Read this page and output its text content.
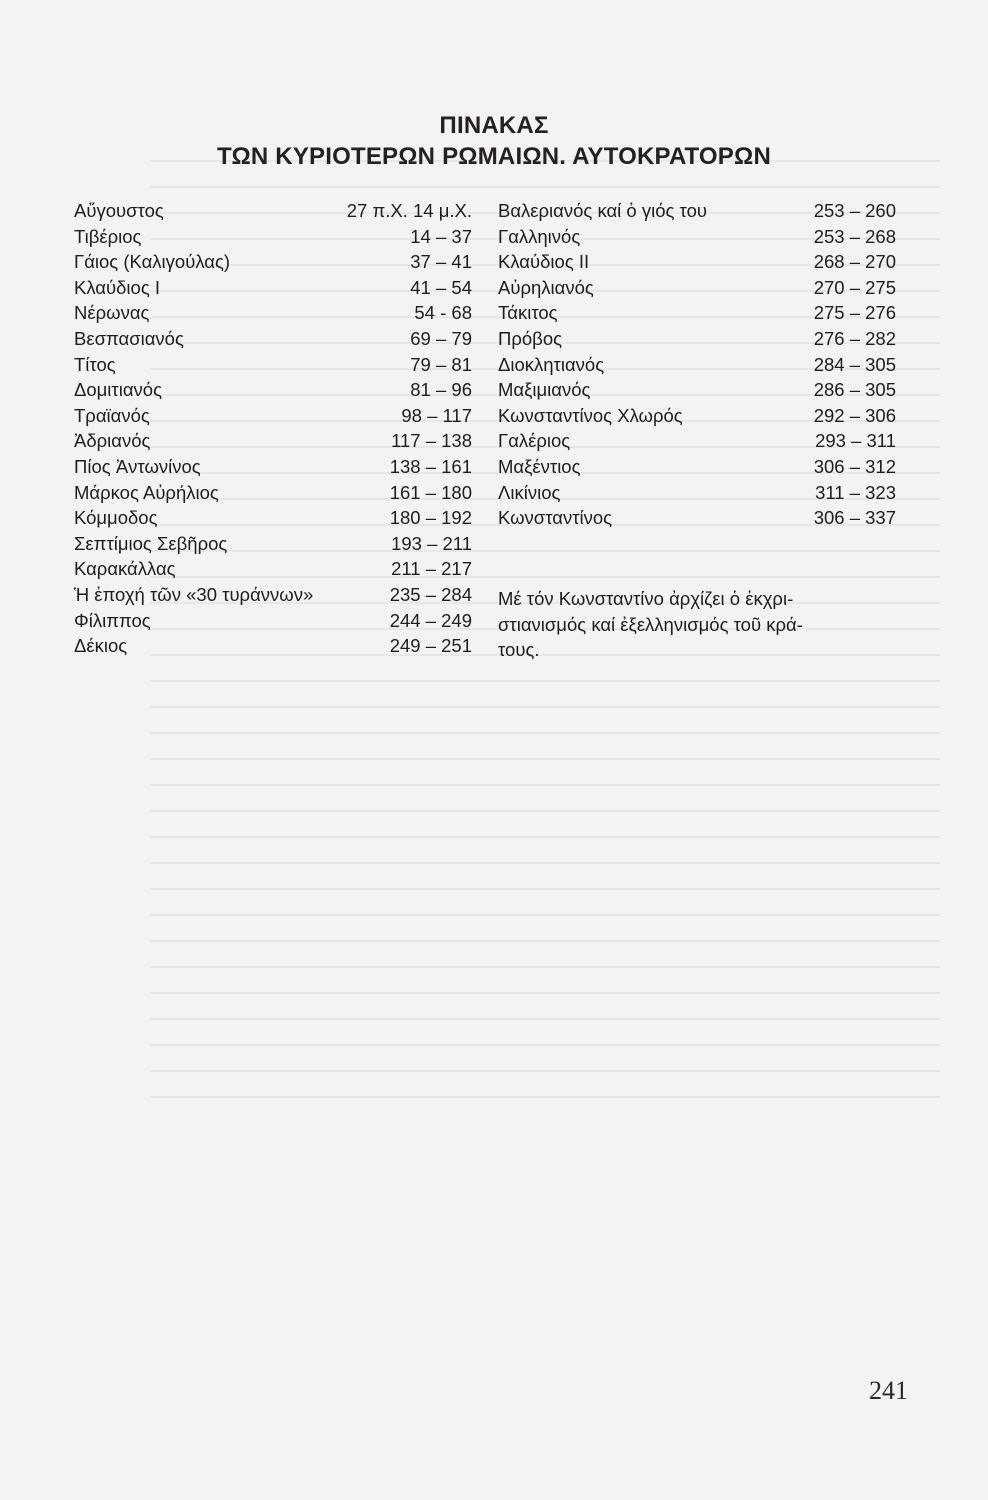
ΠΙΝΑΚΑΣ
ΤΩΝ ΚΥΡΙΟΤΕΡΩΝ ΡΩΜΑΙΩΝ. ΑΥΤΟΚΡΑΤΟΡΩΝ
Αὔγουστος	27 π.Χ. 14 μ.Χ.
Τιβέριος	14 – 37
Γάιος (Καλιγούλας)	37 – 41
Κλαύδιος Ι	41 – 54
Νέρωνας	54 - 68
Βεσπασιανός	69 – 79
Τίτος	79 – 81
Δομιτιανός	81 – 96
Τραϊανός	98 – 117
Ἀδριανός	117 – 138
Πίος Ἀντωνίνος	138 – 161
Μάρκος Αὐρήλιος	161 – 180
Κόμμοδος	180 – 192
Σεπτίμιος Σεβῆρος	193 – 211
Καρακάλλας	211 – 217
Ἡ ἐποχή τῶν «30 τυράννων»	235 – 284
Φίλιππος	244 – 249
Δέκιος	249 – 251
Βαλεριανός καί ὁ γιός του	253 – 260
Γαλληινός	253 – 268
Κλαύδιος ΙΙ	268 – 270
Αὐρηλιανός	270 – 275
Τάκιτος	275 – 276
Πρόβος	276 – 282
Διοκλητιανός	284 – 305
Μαξιμιανός	286 – 305
Κωνσταντίνος Χλωρός	292 – 306
Γαλέριος	293 – 311
Μαξέντιος	306 – 312
Λικίνιος	311 – 323
Κωνσταντίνος	306 – 337
Μέ τόν Κωνσταντίνο ἀρχίζει ὁ ἐκχρι-
στιανισμός καί ἐξελληνισμός τοῦ κρά-
τους.
241
